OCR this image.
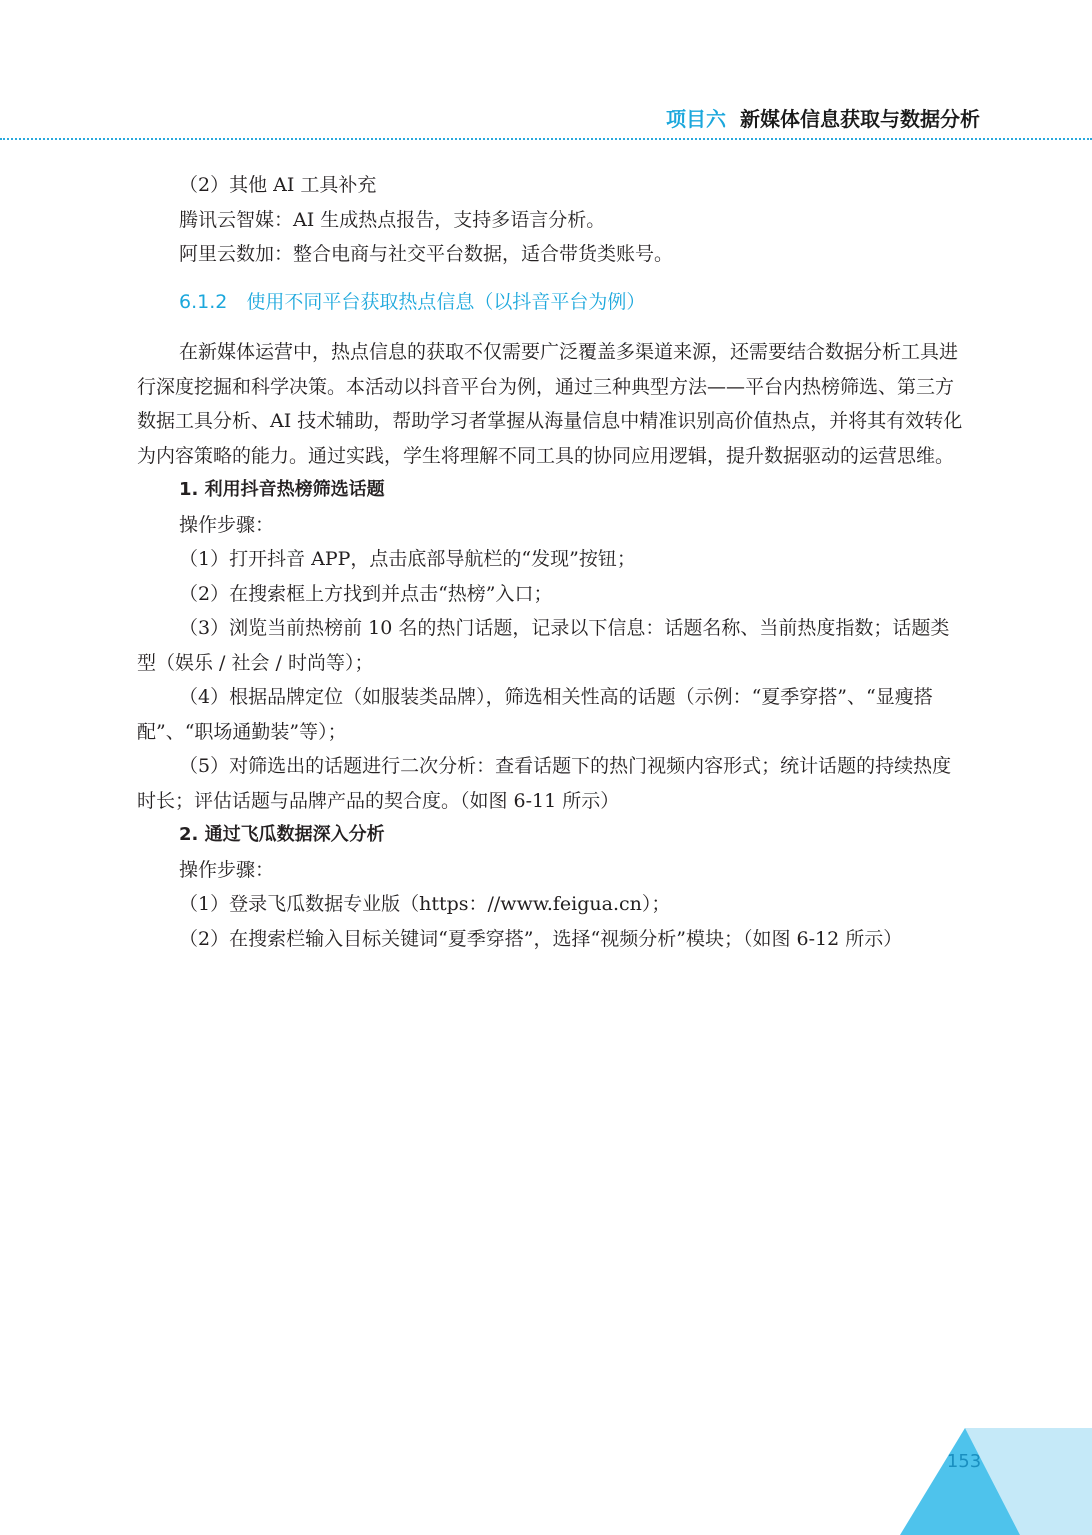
项目六 新媒体信息获取与数据分析

（2）其他 AI 工具补充

腾讯云智媒：AI 生成热点报告，支持多语言分析。

阿里云数加：整合电商与社交平台数据，适合带货类账号。

6.1.2　使用不同平台获取热点信息（以抖音平台为例）

在新媒体运营中，热点信息的获取不仅需要广泛覆盖多渠道来源，还需要结合数据分析工具进行深度挖掘和科学决策。本活动以抖音平台为例，通过三种典型方法——平台内热榜筛选、第三方数据工具分析、AI 技术辅助，帮助学习者掌握从海量信息中精准识别高价值热点，并将其有效转化为内容策略的能力。通过实践，学生将理解不同工具的协同应用逻辑，提升数据驱动的运营思维。

1. 利用抖音热榜筛选话题

操作步骤：

（1）打开抖音 APP，点击底部导航栏的“发现”按钮；

（2）在搜索框上方找到并点击“热榜”入口；

（3）浏览当前热榜前 10 名的热门话题，记录以下信息：话题名称、当前热度指数；话题类型（娱乐 / 社会 / 时尚等）；

（4）根据品牌定位（如服装类品牌），筛选相关性高的话题（示例：“夏季穿搭”、“显瘦搭配”、“职场通勤装”等）；

（5）对筛选出的话题进行二次分析：查看话题下的热门视频内容形式；统计话题的持续热度时长；评估话题与品牌产品的契合度。（如图 6-11 所示）

2. 通过飞瓜数据深入分析

操作步骤：

（1）登录飞瓜数据专业版（https：//www.feigua.cn）；

（2）在搜索栏输入目标关键词“夏季穿搭”，选择“视频分析”模块；（如图 6-12 所示）

153
